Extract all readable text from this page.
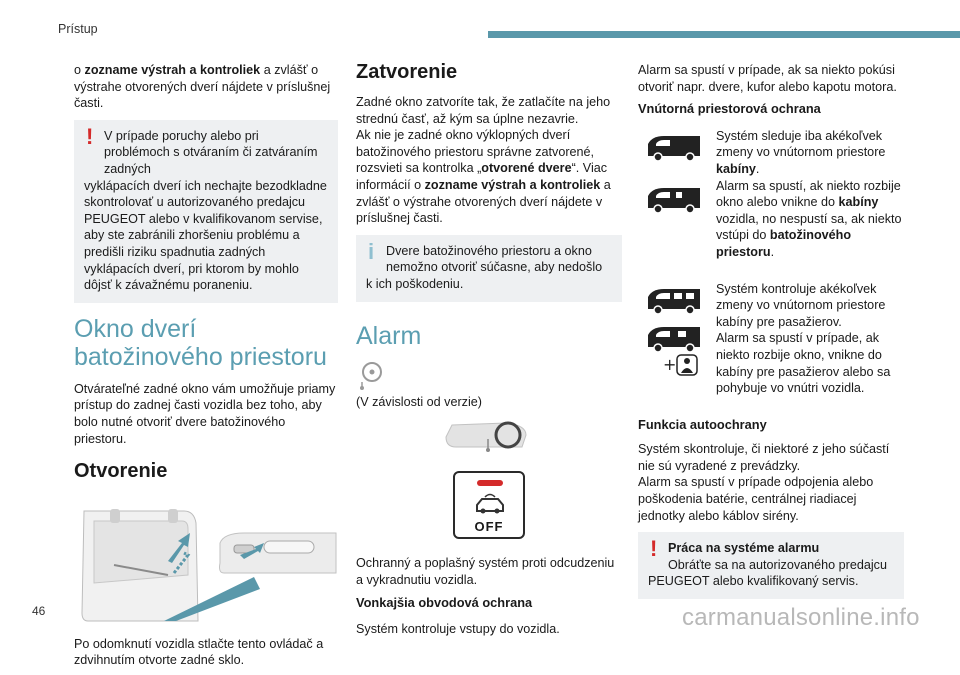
Prístup

o zozname výstrah a kontroliek a zvlášť o výstrahe otvorených dverí nájdete v príslušnej časti.

! V prípade poruchy alebo pri problémoch s otváraním či zatváraním zadných
vyklápacích dverí ich nechajte bezodkladne skontrolovať u autorizovaného predajcu PEUGEOT alebo v kvalifikovanom servise, aby ste zabránili zhoršeniu problému a predišli riziku spadnutia zadných vyklápacích dverí, pri ktorom by mohlo dôjsť k závažnému poraneniu.
Okno dverí batožinového priestoru

Otvárateľné zadné okno vám umožňuje priamy prístup do zadnej časti vozidla bez toho, aby bolo nutné otvoriť dvere batožinového priestoru.

Otvorenie

Po odomknutí vozidla stlačte tento ovládač a zdvihnutím otvorte zadné sklo.

Zatvorenie

Zadné okno zatvoríte tak, že zatlačíte na jeho strednú časť, až kým sa úplne nezavrie.

Ak nie je zadné okno výklopných dverí batožinového priestoru správne zatvorené, rozsvieti sa kontrolka „otvorené dvere“. Viac informácií o zozname výstrah a kontroliek a zvlášť o výstrahe otvorených dverí nájdete v príslušnej časti.

i Dvere batožinového priestoru a okno nemožno otvoriť súčasne, aby nedošlo
k ich poškodeniu.
Alarm

(V závislosti od verzie)

OFF

Ochranný a poplašný systém proti odcudzeniu a vykradnutiu vozidla.

Vonkajšia obvodová ochrana

Systém kontroluje vstupy do vozidla.

Alarm sa spustí v prípade, ak sa niekto pokúsi otvoriť napr. dvere, kufor alebo kapotu motora.

Vnútorná priestorová ochrana

Systém sleduje iba akékoľvek zmeny vo vnútornom priestore kabíny.

Alarm sa spustí, ak niekto rozbije okno alebo vnikne do kabíny vozidla, no nespustí sa, ak niekto vstúpi do batožinového priestoru.

+

Systém kontroluje akékoľvek zmeny vo vnútornom priestore kabíny pre pasažierov.

Alarm sa spustí v prípade, ak niekto rozbije okno, vnikne do kabíny pre pasažierov alebo sa pohybuje vo vnútri vozidla.

Funkcia autoochrany

Systém skontroluje, či niektoré z jeho súčastí nie sú vyradené z prevádzky.

Alarm sa spustí v prípade odpojenia alebo poškodenia batérie, centrálnej riadiacej jednotky alebo káblov sirény.

! Práca na systéme alarmu
Obráťte sa na autorizovaného predajcu
PEUGEOT alebo kvalifikovaný servis.
46	carmanualsonline.info
